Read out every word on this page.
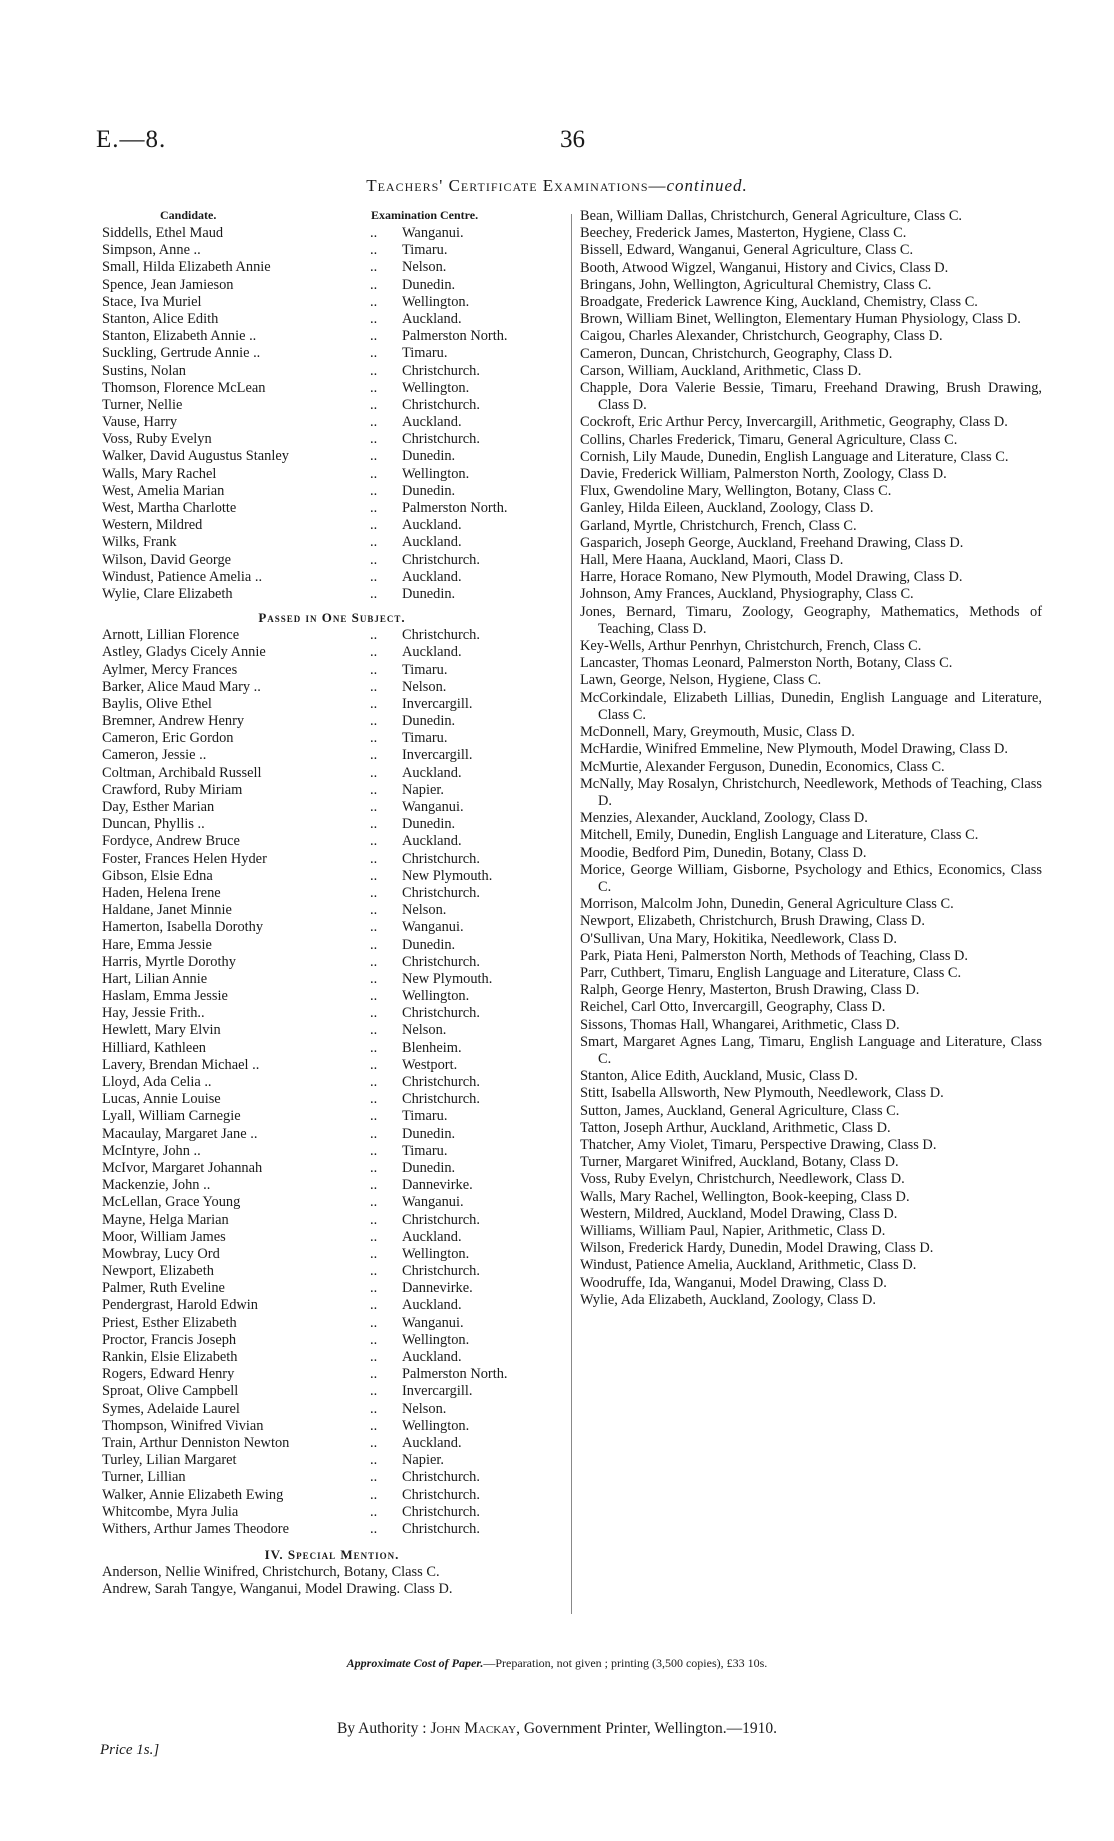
E.—8.	36
Teachers' Certificate Examinations—continued.
Candidate.	Examination Centre.
Siddells, Ethel Maud	..	Wanganui.
Simpson, Anne ..	..	Timaru.
Small, Hilda Elizabeth Annie	..	Nelson.
Spence, Jean Jamieson	..	Dunedin.
Stace, Iva Muriel	..	Wellington.
Stanton, Alice Edith	..	Auckland.
Stanton, Elizabeth Annie ..	..	Palmerston North.
Suckling, Gertrude Annie ..	..	Timaru.
Sustins, Nolan	..	Christchurch.
Thomson, Florence McLean	..	Wellington.
Turner, Nellie	..	Christchurch.
Vause, Harry	..	Auckland.
Voss, Ruby Evelyn	..	Christchurch.
Walker, David Augustus Stanley	..	Dunedin.
Walls, Mary Rachel	..	Wellington.
West, Amelia Marian	..	Dunedin.
West, Martha Charlotte	..	Palmerston North.
Western, Mildred	..	Auckland.
Wilks, Frank	..	Auckland.
Wilson, David George	..	Christchurch.
Windust, Patience Amelia ..	..	Auckland.
Wylie, Clare Elizabeth	..	Dunedin.
Passed in One Subject.
Arnott, Lillian Florence	..	Christchurch.
Astley, Gladys Cicely Annie	..	Auckland.
Aylmer, Mercy Frances	..	Timaru.
Barker, Alice Maud Mary ..	..	Nelson.
Baylis, Olive Ethel	..	Invercargill.
Bremner, Andrew Henry	..	Dunedin.
Cameron, Eric Gordon	..	Timaru.
Cameron, Jessie ..	..	Invercargill.
Coltman, Archibald Russell	..	Auckland.
Crawford, Ruby Miriam	..	Napier.
Day, Esther Marian	..	Wanganui.
Duncan, Phyllis ..	..	Dunedin.
Fordyce, Andrew Bruce	..	Auckland.
Foster, Frances Helen Hyder	..	Christchurch.
Gibson, Elsie Edna	..	New Plymouth.
Haden, Helena Irene	..	Christchurch.
Haldane, Janet Minnie	..	Nelson.
Hamerton, Isabella Dorothy	..	Wanganui.
Hare, Emma Jessie	..	Dunedin.
Harris, Myrtle Dorothy	..	Christchurch.
Hart, Lilian Annie	..	New Plymouth.
Haslam, Emma Jessie	..	Wellington.
Hay, Jessie Frith..	..	Christchurch.
Hewlett, Mary Elvin	..	Nelson.
Hilliard, Kathleen	..	Blenheim.
Lavery, Brendan Michael ..	..	Westport.
Lloyd, Ada Celia ..	..	Christchurch.
Lucas, Annie Louise	..	Christchurch.
Lyall, William Carnegie	..	Timaru.
Macaulay, Margaret Jane ..	..	Dunedin.
McIntyre, John ..	..	Timaru.
McIvor, Margaret Johannah	..	Dunedin.
Mackenzie, John ..	..	Dannevirke.
McLellan, Grace Young	..	Wanganui.
Mayne, Helga Marian	..	Christchurch.
Moor, William James	..	Auckland.
Mowbray, Lucy Ord	..	Wellington.
Newport, Elizabeth	..	Christchurch.
Palmer, Ruth Eveline	..	Dannevirke.
Pendergrast, Harold Edwin	..	Auckland.
Priest, Esther Elizabeth	..	Wanganui.
Proctor, Francis Joseph	..	Wellington.
Rankin, Elsie Elizabeth	..	Auckland.
Rogers, Edward Henry	..	Palmerston North.
Sproat, Olive Campbell	..	Invercargill.
Symes, Adelaide Laurel	..	Nelson.
Thompson, Winifred Vivian	..	Wellington.
Train, Arthur Denniston Newton	..	Auckland.
Turley, Lilian Margaret	..	Napier.
Turner, Lillian	..	Christchurch.
Walker, Annie Elizabeth Ewing	..	Christchurch.
Whitcombe, Myra Julia	..	Christchurch.
Withers, Arthur James Theodore	..	Christchurch.
IV. Special Mention.
Anderson, Nellie Winifred, Christchurch, Botany, Class C.
Andrew, Sarah Tangye, Wanganui, Model Drawing. Class D.
Bean, William Dallas, Christchurch, General Agriculture, Class C.
Beechey, Frederick James, Masterton, Hygiene, Class C.
Bissell, Edward, Wanganui, General Agriculture, Class C.
Booth, Atwood Wigzel, Wanganui, History and Civics, Class D.
Bringans, John, Wellington, Agricultural Chemistry, Class C.
Broadgate, Frederick Lawrence King, Auckland, Chemistry, Class C.
Brown, William Binet, Wellington, Elementary Human Physiology, Class D.
Caigou, Charles Alexander, Christchurch, Geography, Class D.
Cameron, Duncan, Christchurch, Geography, Class D.
Carson, William, Auckland, Arithmetic, Class D.
Chapple, Dora Valerie Bessie, Timaru, Freehand Drawing, Brush Drawing, Class D.
Cockroft, Eric Arthur Percy, Invercargill, Arithmetic, Geography, Class D.
Collins, Charles Frederick, Timaru, General Agriculture, Class C.
Cornish, Lily Maude, Dunedin, English Language and Literature, Class C.
Davie, Frederick William, Palmerston North, Zoology, Class D.
Flux, Gwendoline Mary, Wellington, Botany, Class C.
Ganley, Hilda Eileen, Auckland, Zoology, Class D.
Garland, Myrtle, Christchurch, French, Class C.
Gasparich, Joseph George, Auckland, Freehand Drawing, Class D.
Hall, Mere Haana, Auckland, Maori, Class D.
Harre, Horace Romano, New Plymouth, Model Drawing, Class D.
Johnson, Amy Frances, Auckland, Physiography, Class C.
Jones, Bernard, Timaru, Zoology, Geography, Mathematics, Methods of Teaching, Class D.
Key-Wells, Arthur Penrhyn, Christchurch, French, Class C.
Lancaster, Thomas Leonard, Palmerston North, Botany, Class C.
Lawn, George, Nelson, Hygiene, Class C.
McCorkindale, Elizabeth Lillias, Dunedin, English Language and Literature, Class C.
McDonnell, Mary, Greymouth, Music, Class D.
McHardie, Winifred Emmeline, New Plymouth, Model Drawing, Class D.
McMurtie, Alexander Ferguson, Dunedin, Economics, Class C.
McNally, May Rosalyn, Christchurch, Needlework, Methods of Teaching, Class D.
Menzies, Alexander, Auckland, Zoology, Class D.
Mitchell, Emily, Dunedin, English Language and Literature, Class C.
Moodie, Bedford Pim, Dunedin, Botany, Class D.
Morice, George William, Gisborne, Psychology and Ethics, Economics, Class C.
Morrison, Malcolm John, Dunedin, General Agriculture Class C.
Newport, Elizabeth, Christchurch, Brush Drawing, Class D.
O'Sullivan, Una Mary, Hokitika, Needlework, Class D.
Park, Piata Heni, Palmerston North, Methods of Teaching, Class D.
Parr, Cuthbert, Timaru, English Language and Literature, Class C.
Ralph, George Henry, Masterton, Brush Drawing, Class D.
Reichel, Carl Otto, Invercargill, Geography, Class D.
Sissons, Thomas Hall, Whangarei, Arithmetic, Class D.
Smart, Margaret Agnes Lang, Timaru, English Language and Literature, Class C.
Stanton, Alice Edith, Auckland, Music, Class D.
Stitt, Isabella Allsworth, New Plymouth, Needlework, Class D.
Sutton, James, Auckland, General Agriculture, Class C.
Tatton, Joseph Arthur, Auckland, Arithmetic, Class D.
Thatcher, Amy Violet, Timaru, Perspective Drawing, Class D.
Turner, Margaret Winifred, Auckland, Botany, Class D.
Voss, Ruby Evelyn, Christchurch, Needlework, Class D.
Walls, Mary Rachel, Wellington, Book-keeping, Class D.
Western, Mildred, Auckland, Model Drawing, Class D.
Williams, William Paul, Napier, Arithmetic, Class D.
Wilson, Frederick Hardy, Dunedin, Model Drawing, Class D.
Windust, Patience Amelia, Auckland, Arithmetic, Class D.
Woodruffe, Ida, Wanganui, Model Drawing, Class D.
Wylie, Ada Elizabeth, Auckland, Zoology, Class D.
Approximate Cost of Paper.—Preparation, not given ; printing (3,500 copies), £33 10s.
By Authority : John Mackay, Government Printer, Wellington.—1910.
Price 1s.]
